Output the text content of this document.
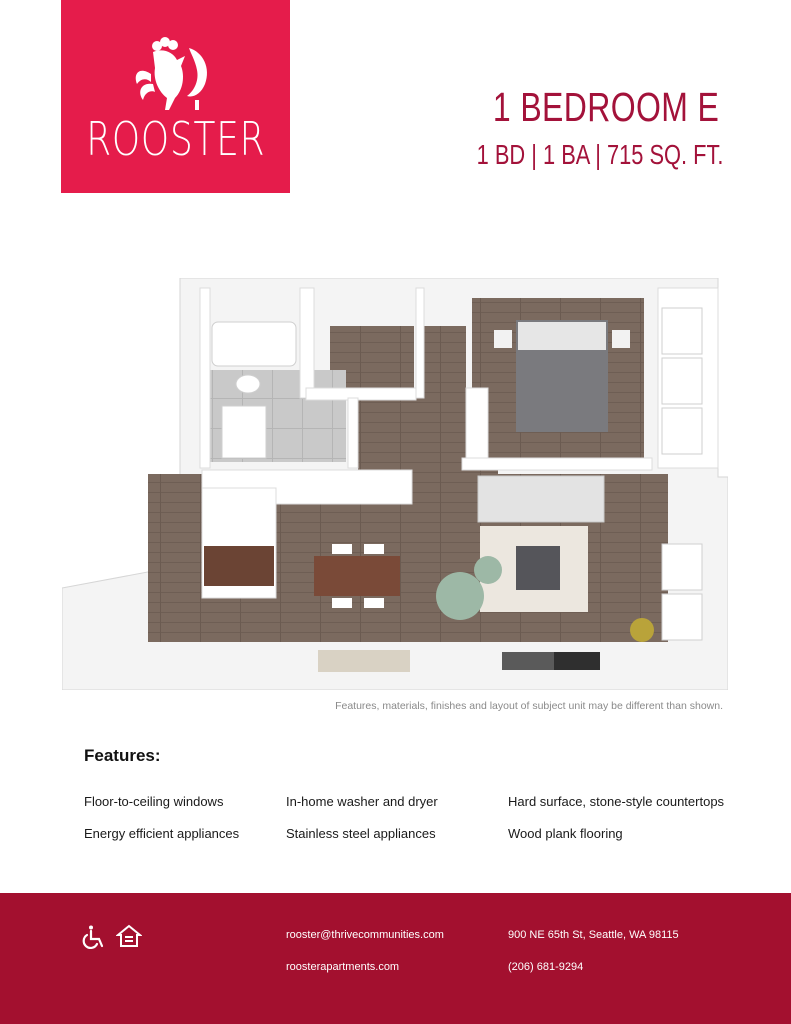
ROOSTER
1 BEDROOM E
1 BD | 1 BA | 715 SQ. FT.
Features, materials, finishes and layout of subject unit may be different than shown.
Features:
Floor-to-ceiling windows	In-home washer and dryer	Hard surface, stone-style countertops
Energy efficient appliances	Stainless steel appliances	Wood plank flooring
rooster@thrivecommunities.com
roosterapartments.com
900 NE 65th St, Seattle, WA 98115
(206) 681-9294
